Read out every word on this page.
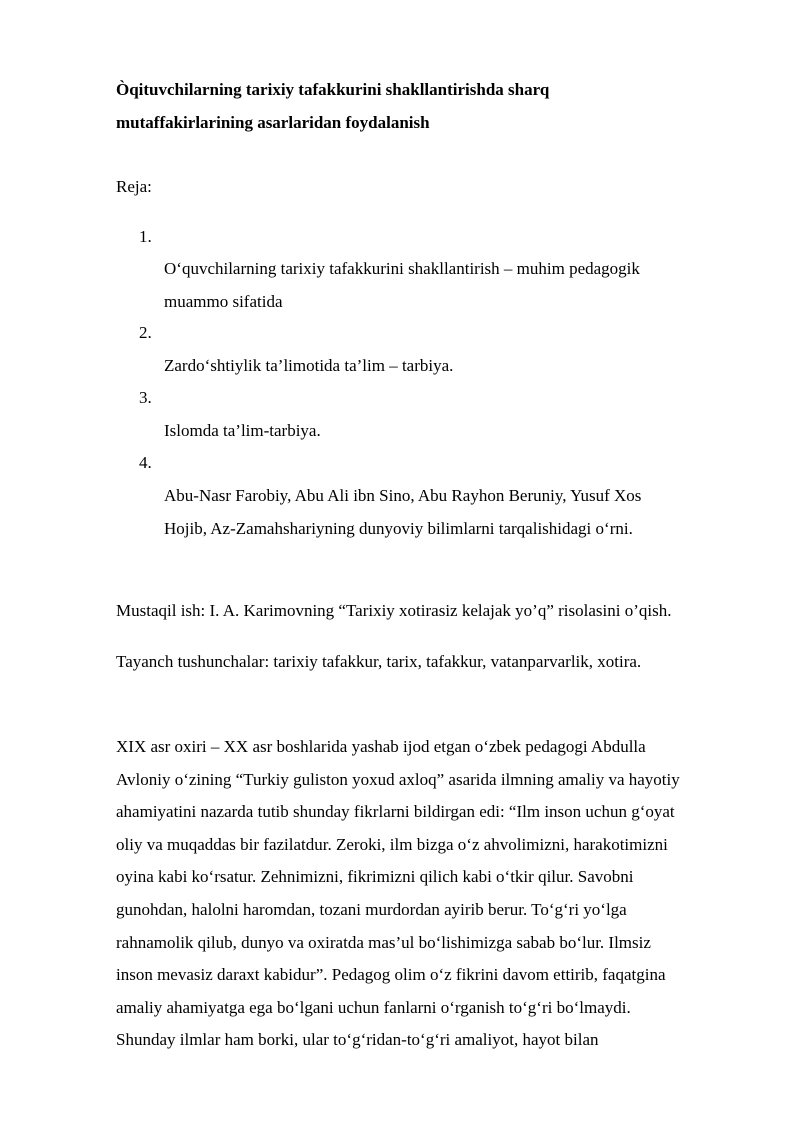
Òqituvchilarning tarixiy tafakkurini shakllantirishda sharq
mutaffakirlarining asarlaridan foydalanish
Reja:
1.
O‘quvchilarning tarixiy tafakkurini shakllantirish – muhim pedagogik
muammo sifatida
2.
Zardo‘shtiylik ta’limotida ta’lim – tarbiya.
3.
Islomda ta’lim-tarbiya.
4.
Abu-Nasr Farobiy, Abu Ali ibn Sino, Abu Rayhon Beruniy, Yusuf Xos
Hojib, Az-Zamahshariyning dunyoviy bilimlarni tarqalishidagi o‘rni.
Mustaqil ish: I. A. Karimovning “Tarixiy xotirasiz kelajak yo’q” risolasini o’qish.
Tayanch tushunchalar: tarixiy tafakkur, tarix, tafakkur, vatanparvarlik, xotira.
XIX asr oxiri – XX asr boshlarida yashab ijod etgan o‘zbek pedagogi Abdulla
Avloniy o‘zining “Turkiy guliston yoxud axloq” asarida ilmning amaliy va hayotiy
ahamiyatini nazarda tutib shunday fikrlarni bildirgan edi: “Ilm inson uchun g‘oyat
oliy va muqaddas bir fazilatdur. Zeroki, ilm bizga o‘z ahvolimizni, harakotimizni
oyina kabi ko‘rsatur. Zehnimizni, fikrimizni qilich kabi o‘tkir qilur. Savobni
gunohdan, halolni haromdan, tozani murdordan ayirib berur. To‘g‘ri yo‘lga
rahnamolik qilub, dunyo va oxiratda mas’ul bo‘lishimizga sabab bo‘lur. Ilmsiz
inson mevasiz daraxt kabidur”. Pedagog olim o‘z fikrini davom ettirib, faqatgina
amaliy ahamiyatga ega bo‘lgani uchun fanlarni o‘rganish to‘g‘ri bo‘lmaydi.
Shunday ilmlar ham borki, ular to‘g‘ridan-to‘g‘ri amaliyot, hayot bilan
